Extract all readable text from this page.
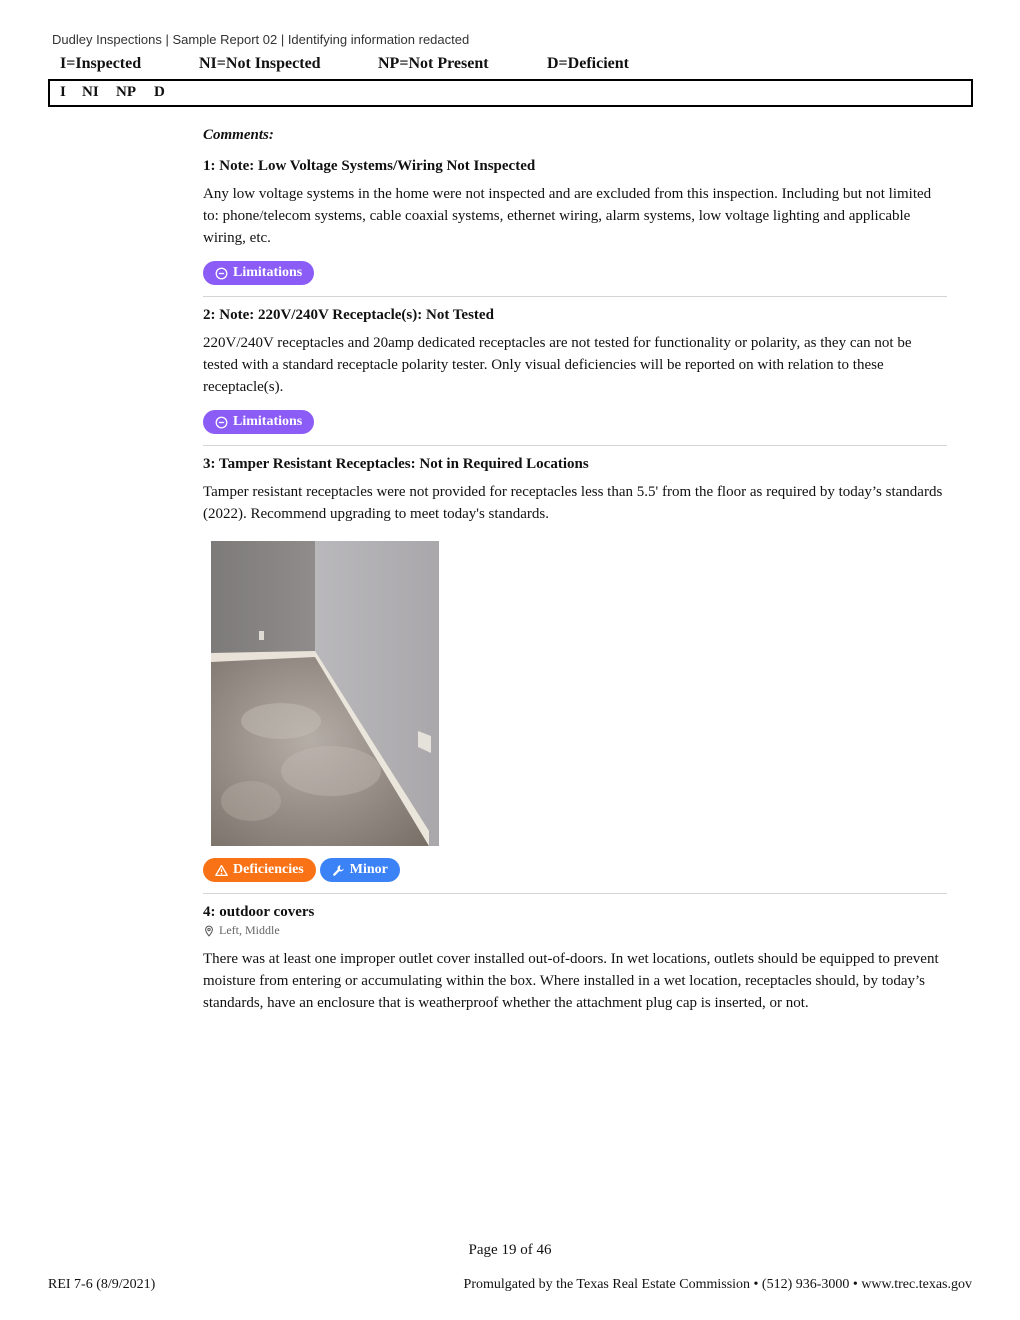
Dudley Inspections | Sample Report 02 | Identifying information redacted
I=Inspected	NI=Not Inspected	NP=Not Present	D=Deficient
I NI NP D

Comments:

1: Note: Low Voltage Systems/Wiring Not Inspected

Any low voltage systems in the home were not inspected and are excluded from this inspection. Including but not limited to: phone/telecom systems, cable coaxial systems, ethernet wiring, alarm systems, low voltage lighting and applicable wiring, etc.

Limitations

2: Note: 220V/240V Receptacle(s): Not Tested

220V/240V receptacles and 20amp dedicated receptacles are not tested for functionality or polarity, as they can not be tested with a standard receptacle polarity tester. Only visual deficiencies will be reported on with relation to these receptacle(s).

Limitations

3: Tamper Resistant Receptacles: Not in Required Locations

Tamper resistant receptacles were not provided for receptacles less than 5.5' from the floor as required by today’s standards (2022). Recommend upgrading to meet today's standards.

Deficiencies	Minor

4: outdoor covers

Left, Middle

There was at least one improper outlet cover installed out-of-doors. In wet locations, outlets should be equipped to prevent moisture from entering or accumulating within the box. Where installed in a wet location, receptacles should, by today’s standards, have an enclosure that is weatherproof whether the attachment plug cap is inserted, or not.

Page 19 of 46
REI 7-6 (8/9/2021)	Promulgated by the Texas Real Estate Commission • (512) 936-3000 • www.trec.texas.gov
